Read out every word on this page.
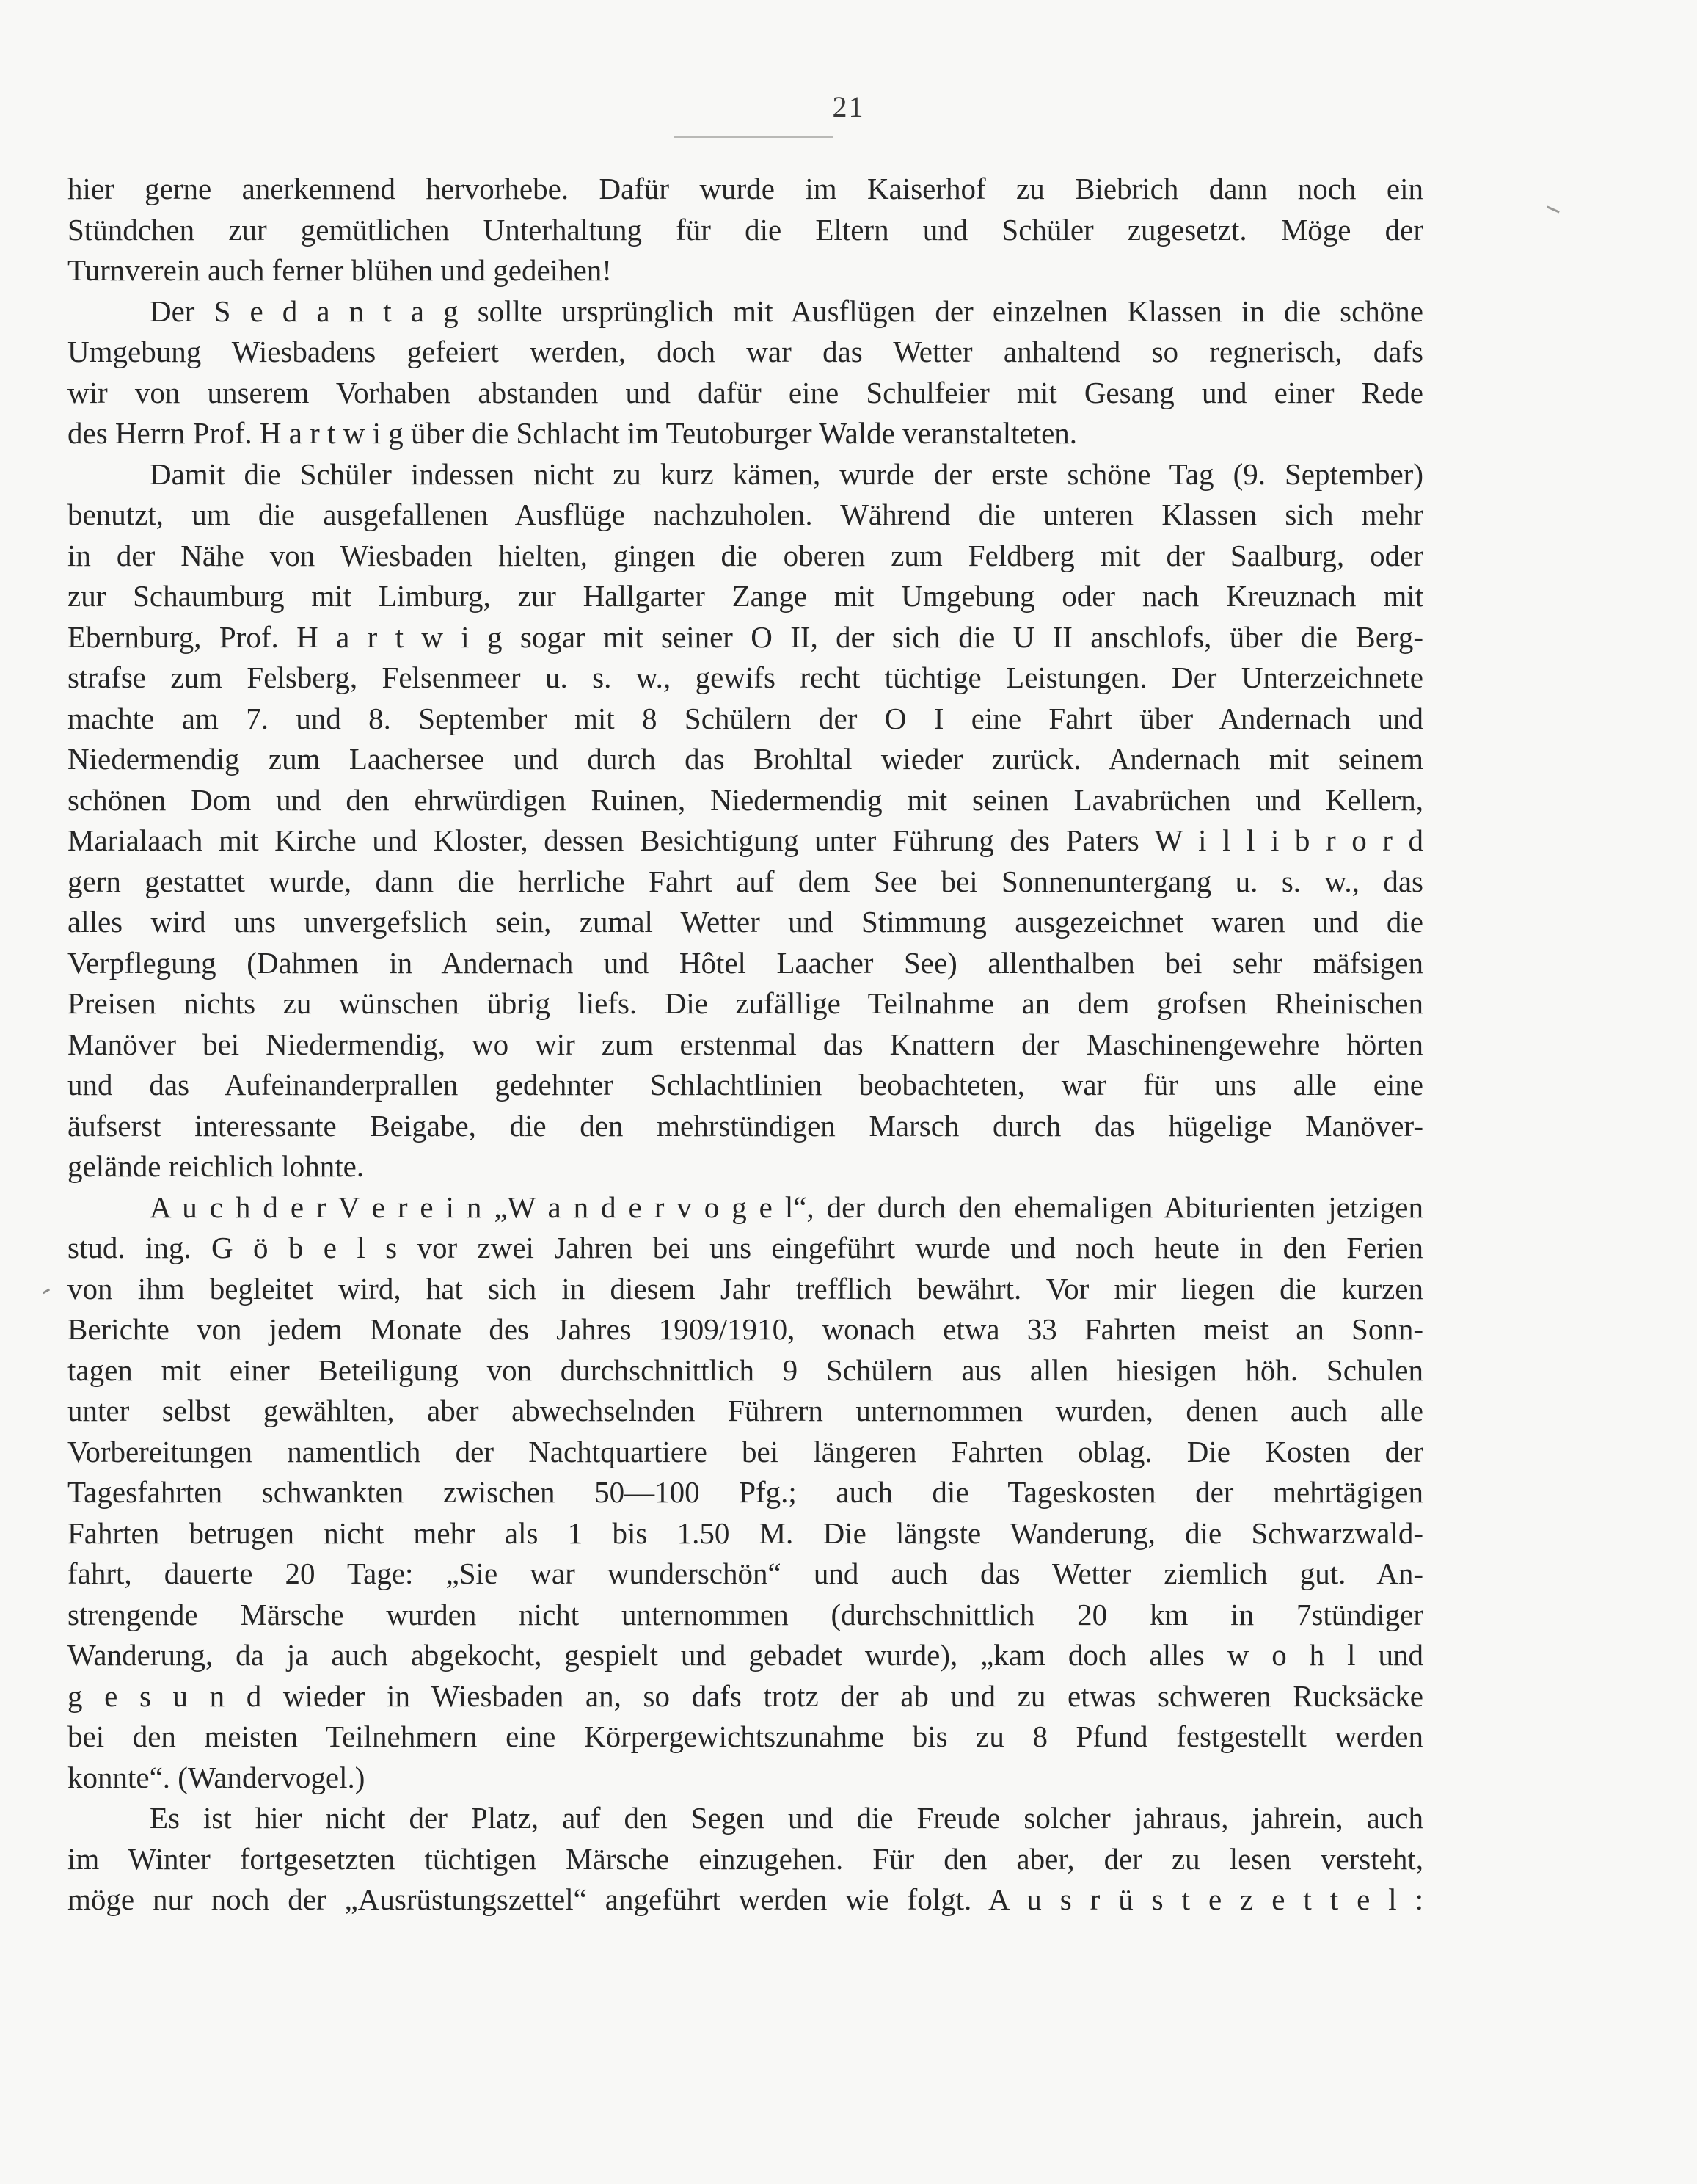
21
hier gerne anerkennend hervorhebe. Dafür wurde im Kaiserhof zu Biebrich dann noch ein
Stündchen zur gemütlichen Unterhaltung für die Eltern und Schüler zugesetzt. Möge der
Turnverein auch ferner blühen und gedeihen!
Der S e d a n t a g sollte ursprünglich mit Ausflügen der einzelnen Klassen in die schöne
Umgebung Wiesbadens gefeiert werden, doch war das Wetter anhaltend so regnerisch, dafs
wir von unserem Vorhaben abstanden und dafür eine Schulfeier mit Gesang und einer Rede
des Herrn Prof. H a r t w i g über die Schlacht im Teutoburger Walde veranstalteten.
Damit die Schüler indessen nicht zu kurz kämen, wurde der erste schöne Tag (9. September)
benutzt, um die ausgefallenen Ausflüge nachzuholen. Während die unteren Klassen sich mehr
in der Nähe von Wiesbaden hielten, gingen die oberen zum Feldberg mit der Saalburg, oder
zur Schaumburg mit Limburg, zur Hallgarter Zange mit Umgebung oder nach Kreuznach mit
Ebernburg, Prof. H a r t w i g sogar mit seiner O II, der sich die U II anschlofs, über die Berg-
strafse zum Felsberg, Felsenmeer u. s. w., gewifs recht tüchtige Leistungen. Der Unterzeichnete
machte am 7. und 8. September mit 8 Schülern der O I eine Fahrt über Andernach und
Niedermendig zum Laachersee und durch das Brohltal wieder zurück. Andernach mit seinem
schönen Dom und den ehrwürdigen Ruinen, Niedermendig mit seinen Lavabrüchen und Kellern,
Marialaach mit Kirche und Kloster, dessen Besichtigung unter Führung des Paters W i l l i b r o r d
gern gestattet wurde, dann die herrliche Fahrt auf dem See bei Sonnenuntergang u. s. w., das
alles wird uns unvergefslich sein, zumal Wetter und Stimmung ausgezeichnet waren und die
Verpflegung (Dahmen in Andernach und Hôtel Laacher See) allenthalben bei sehr mäfsigen
Preisen nichts zu wünschen übrig liefs. Die zufällige Teilnahme an dem grofsen Rheinischen
Manöver bei Niedermendig, wo wir zum erstenmal das Knattern der Maschinengewehre hörten
und das Aufeinanderprallen gedehnter Schlachtlinien beobachteten, war für uns alle eine
äufserst interessante Beigabe, die den mehrstündigen Marsch durch das hügelige Manöver-
gelände reichlich lohnte.
A u c h d e r V e r e i n „W a n d e r v o g e l“, der durch den ehemaligen Abiturienten jetzigen
stud. ing. G ö b e l s vor zwei Jahren bei uns eingeführt wurde und noch heute in den Ferien
von ihm begleitet wird, hat sich in diesem Jahr trefflich bewährt. Vor mir liegen die kurzen
Berichte von jedem Monate des Jahres 1909/1910, wonach etwa 33 Fahrten meist an Sonn-
tagen mit einer Beteiligung von durchschnittlich 9 Schülern aus allen hiesigen höh. Schulen
unter selbst gewählten, aber abwechselnden Führern unternommen wurden, denen auch alle
Vorbereitungen namentlich der Nachtquartiere bei längeren Fahrten oblag. Die Kosten der
Tagesfahrten schwankten zwischen 50—100 Pfg.; auch die Tageskosten der mehrtägigen
Fahrten betrugen nicht mehr als 1 bis 1.50 M. Die längste Wanderung, die Schwarzwald-
fahrt, dauerte 20 Tage: „Sie war wunderschön“ und auch das Wetter ziemlich gut. An-
strengende Märsche wurden nicht unternommen (durchschnittlich 20 km in 7stündiger
Wanderung, da ja auch abgekocht, gespielt und gebadet wurde), „kam doch alles w o h l und
g e s u n d wieder in Wiesbaden an, so dafs trotz der ab und zu etwas schweren Rucksäcke
bei den meisten Teilnehmern eine Körpergewichtszunahme bis zu 8 Pfund festgestellt werden
konnte“. (Wandervogel.)
Es ist hier nicht der Platz, auf den Segen und die Freude solcher jahraus, jahrein, auch
im Winter fortgesetzten tüchtigen Märsche einzugehen. Für den aber, der zu lesen versteht,
möge nur noch der „Ausrüstungszettel“ angeführt werden wie folgt. A u s r ü s t e z e t t e l :
